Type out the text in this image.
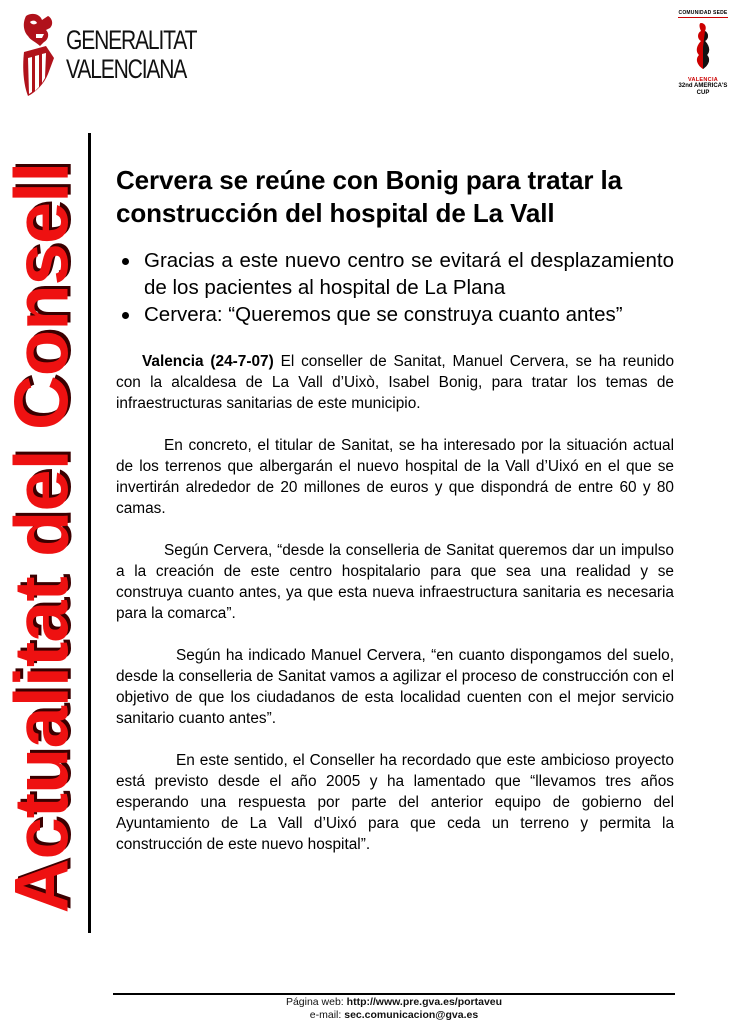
GENERALITAT
VALENCIANA
COMUNIDAD SEDE
VALENCIA
32nd AMERICA'S
CUP
Actualitat del Consell Cervera se reúne con Bonig para tratar la construcción del hospital de La Vall
Gracias a este nuevo centro se evitará el desplazamiento de los pacientes al hospital de La Plana
Cervera: “Queremos que se construya cuanto antes”

Valencia (24-7-07) El conseller de Sanitat, Manuel Cervera, se ha reunido con la alcaldesa de La Vall d’Uixò, Isabel Bonig, para tratar los temas de infraestructuras sanitarias de este municipio.

En concreto, el titular de Sanitat, se ha interesado por la situación actual de los terrenos que albergarán el nuevo hospital de la Vall d’Uixó en el que se invertirán alrededor de 20 millones de euros y que dispondrá de entre 60 y 80 camas.

Según Cervera, “desde la conselleria de Sanitat queremos dar un impulso a la creación de este centro hospitalario para que sea una realidad y se construya cuanto antes, ya que esta nueva infraestructura sanitaria es necesaria para la comarca”.

Según ha indicado Manuel Cervera, “en cuanto dispongamos del suelo, desde la conselleria de Sanitat vamos a agilizar el proceso de construcción con el objetivo de que los ciudadanos de esta localidad cuenten con el mejor servicio sanitario cuanto antes”.

En este sentido, el Conseller ha recordado que este ambicioso proyecto está previsto desde el año 2005 y ha lamentado que “llevamos tres años esperando una respuesta por parte del anterior equipo de gobierno del Ayuntamiento de La Vall d’Uixó para que ceda un terreno y permita la construcción de este nuevo hospital”.

Página web: http://www.pre.gva.es/portaveu
e-mail: sec.comunicacion@gva.es
